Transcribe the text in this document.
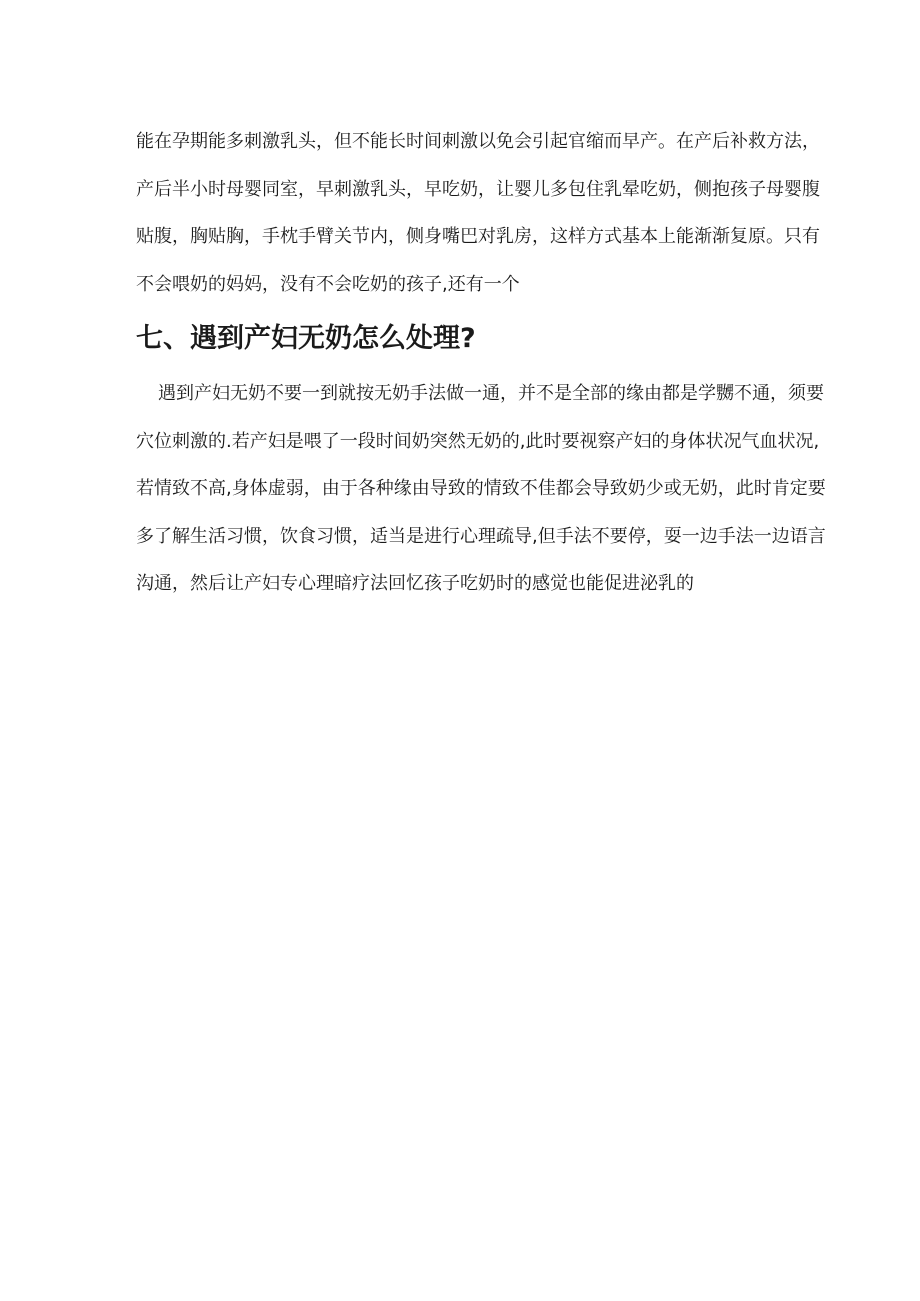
能在孕期能多刺激乳头，但不能长时间刺激以免会引起官缩而早产。在产后补救方法，
产后半小时母婴同室，早刺激乳头，早吃奶，让婴儿多包住乳晕吃奶，侧抱孩子母婴腹
贴腹，胸贴胸，手枕手臂关节内，侧身嘴巴对乳房，这样方式基本上能渐渐复原。只有
不会喂奶的妈妈，没有不会吃奶的孩子,还有一个
七、遇到产妇无奶怎么处理?
遇到产妇无奶不要一到就按无奶手法做一通，并不是全部的缘由都是学嬲不通，须要
穴位刺激的.若产妇是喂了一段时间奶突然无奶的,此时要视察产妇的身体状况气血状况,
若情致不高,身体虚弱，由于各种缘由导致的情致不佳都会导致奶少或无奶，此时肯定要
多了解生活习惯，饮食习惯，适当是进行心理疏导,但手法不要停，耍一边手法一边语言
沟通，然后让产妇专心理暗疗法回忆孩子吃奶时的感觉也能促进泌乳的
